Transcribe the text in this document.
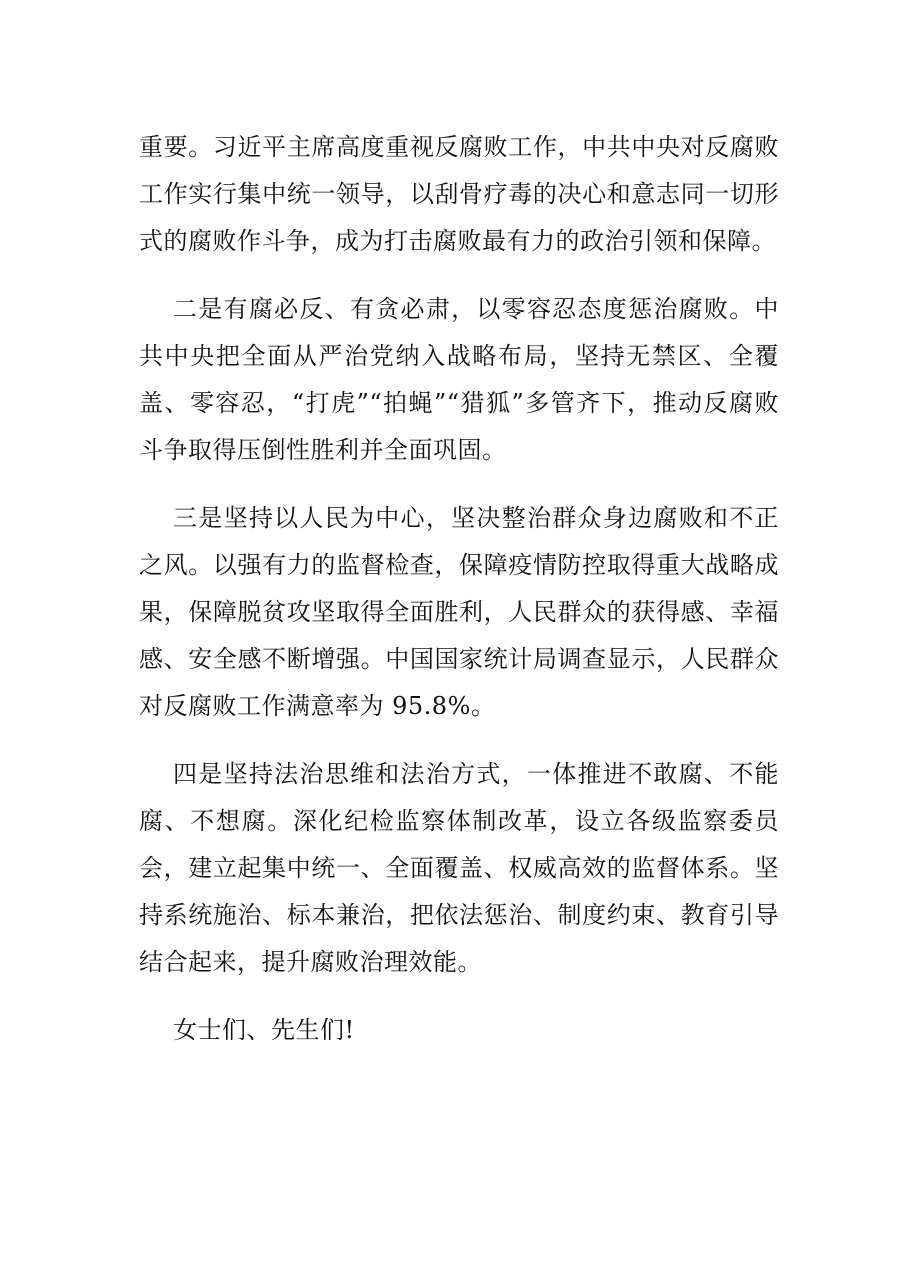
重要。习近平主席高度重视反腐败工作，中共中央对反腐败工作实行集中统一领导，以刮骨疗毒的决心和意志同一切形式的腐败作斗争，成为打击腐败最有力的政治引领和保障。

二是有腐必反、有贪必肃，以零容忍态度惩治腐败。中共中央把全面从严治党纳入战略布局，坚持无禁区、全覆盖、零容忍，“打虎”“拍蝇”“猎狐”多管齐下，推动反腐败斗争取得压倒性胜利并全面巩固。

三是坚持以人民为中心，坚决整治群众身边腐败和不正之风。以强有力的监督检查，保障疫情防控取得重大战略成果，保障脱贫攻坚取得全面胜利，人民群众的获得感、幸福感、安全感不断增强。中国国家统计局调查显示，人民群众对反腐败工作满意率为 95.8%。

四是坚持法治思维和法治方式，一体推进不敢腐、不能腐、不想腐。深化纪检监察体制改革，设立各级监察委员会，建立起集中统一、全面覆盖、权威高效的监督体系。坚持系统施治、标本兼治，把依法惩治、制度约束、教育引导结合起来，提升腐败治理效能。

女士们、先生们!
